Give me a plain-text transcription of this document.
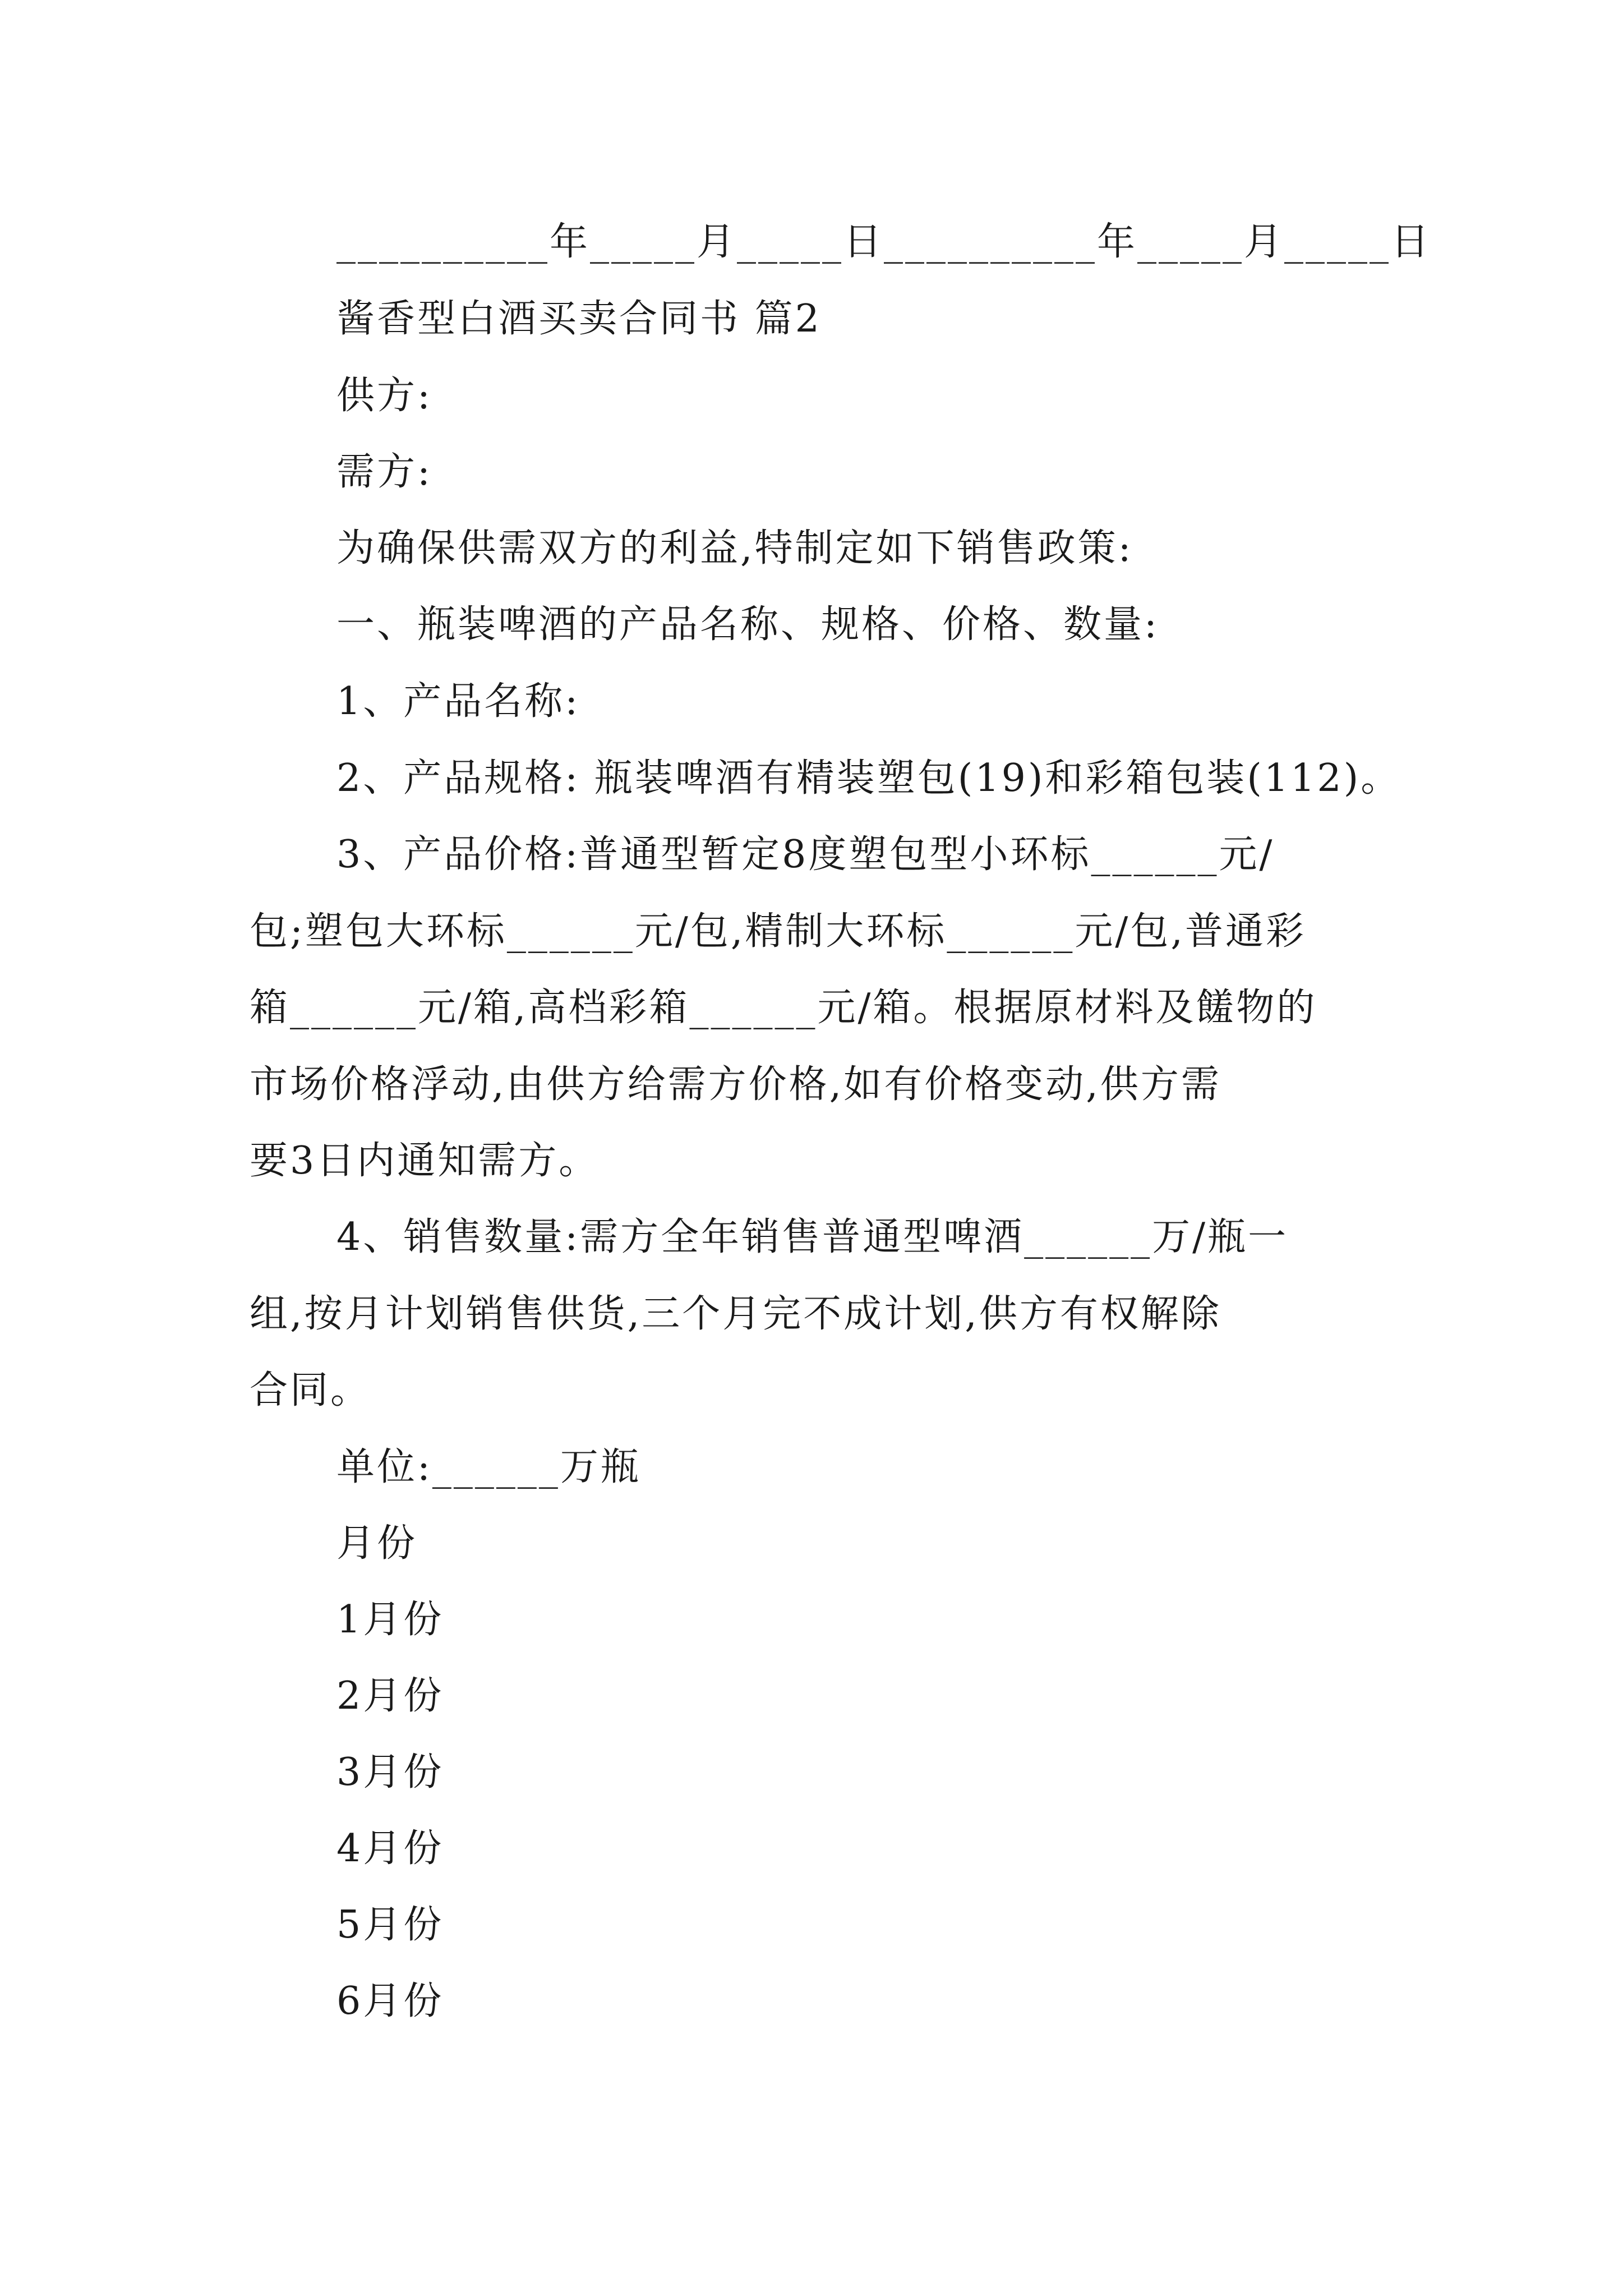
__________年_____月_____日__________年_____月_____日
酱香型白酒买卖合同书 篇2
供方:
需方:
为确保供需双方的利益,特制定如下销售政策:
一、瓶装啤酒的产品名称、规格、价格、数量:
1、产品名称:
2、产品规格: 瓶装啤酒有精装塑包(19)和彩箱包装(112)。
3、产品价格:普通型暂定8度塑包型小环标______元/
包;塑包大环标______元/包,精制大环标______元/包,普通彩
箱______元/箱,高档彩箱______元/箱。根据原材料及饈物的
市场价格浮动,由供方给需方价格,如有价格变动,供方需
要3日内通知需方。
4、销售数量:需方全年销售普通型啤酒______万/瓶一
组,按月计划销售供货,三个月完不成计划,供方有权解除
合同。
单位:______万瓶
月份
1月份
2月份
3月份
4月份
5月份
6月份
